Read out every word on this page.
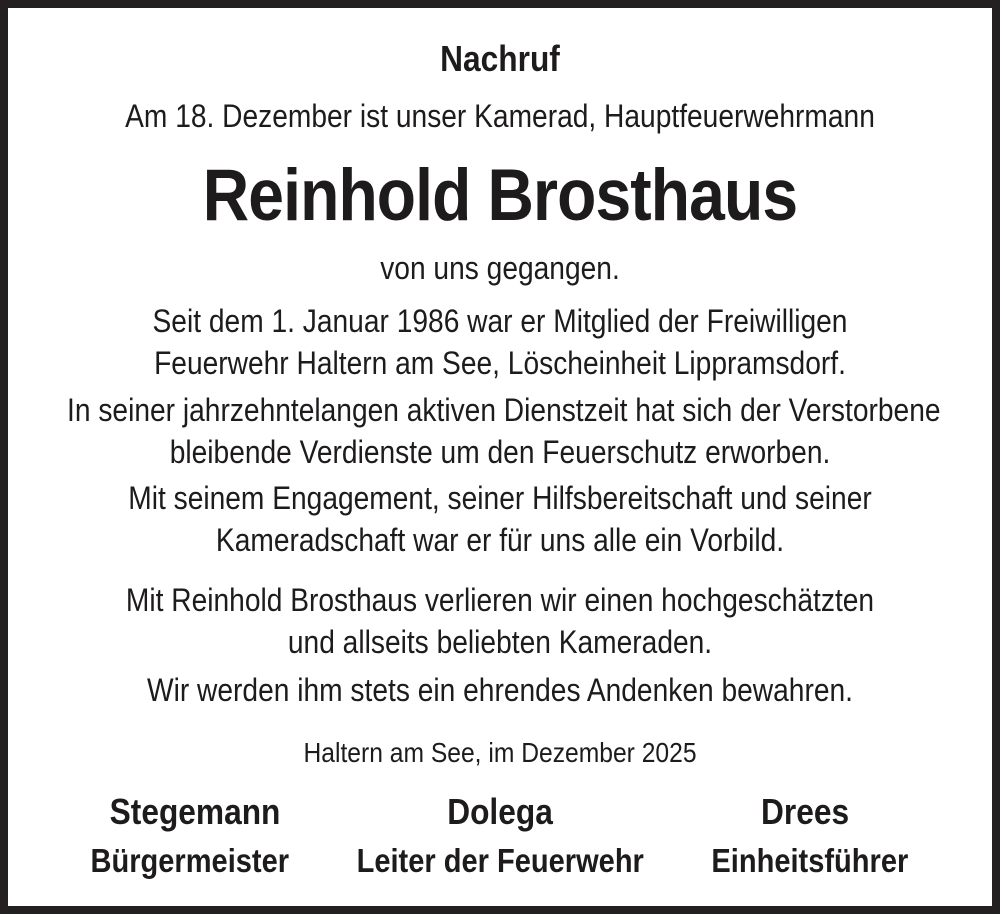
Nachruf
Am 18. Dezember ist unser Kamerad, Hauptfeuerwehrmann
Reinhold Brosthaus
von uns gegangen.
Seit dem 1. Januar 1986 war er Mitglied der Freiwilligen
Feuerwehr Haltern am See, Löscheinheit Lippramsdorf.
In seiner jahrzehntelangen aktiven Dienstzeit hat sich der Verstorbene
bleibende Verdienste um den Feuerschutz erworben.
Mit seinem Engagement, seiner Hilfsbereitschaft und seiner
Kameradschaft war er für uns alle ein Vorbild.
Mit Reinhold Brosthaus verlieren wir einen hochgeschätzten
und allseits beliebten Kameraden.
Wir werden ihm stets ein ehrendes Andenken bewahren.
Haltern am See, im Dezember 2025
Stegemann	Dolega	Drees
Bürgermeister	Leiter der Feuerwehr	Einheitsführer
